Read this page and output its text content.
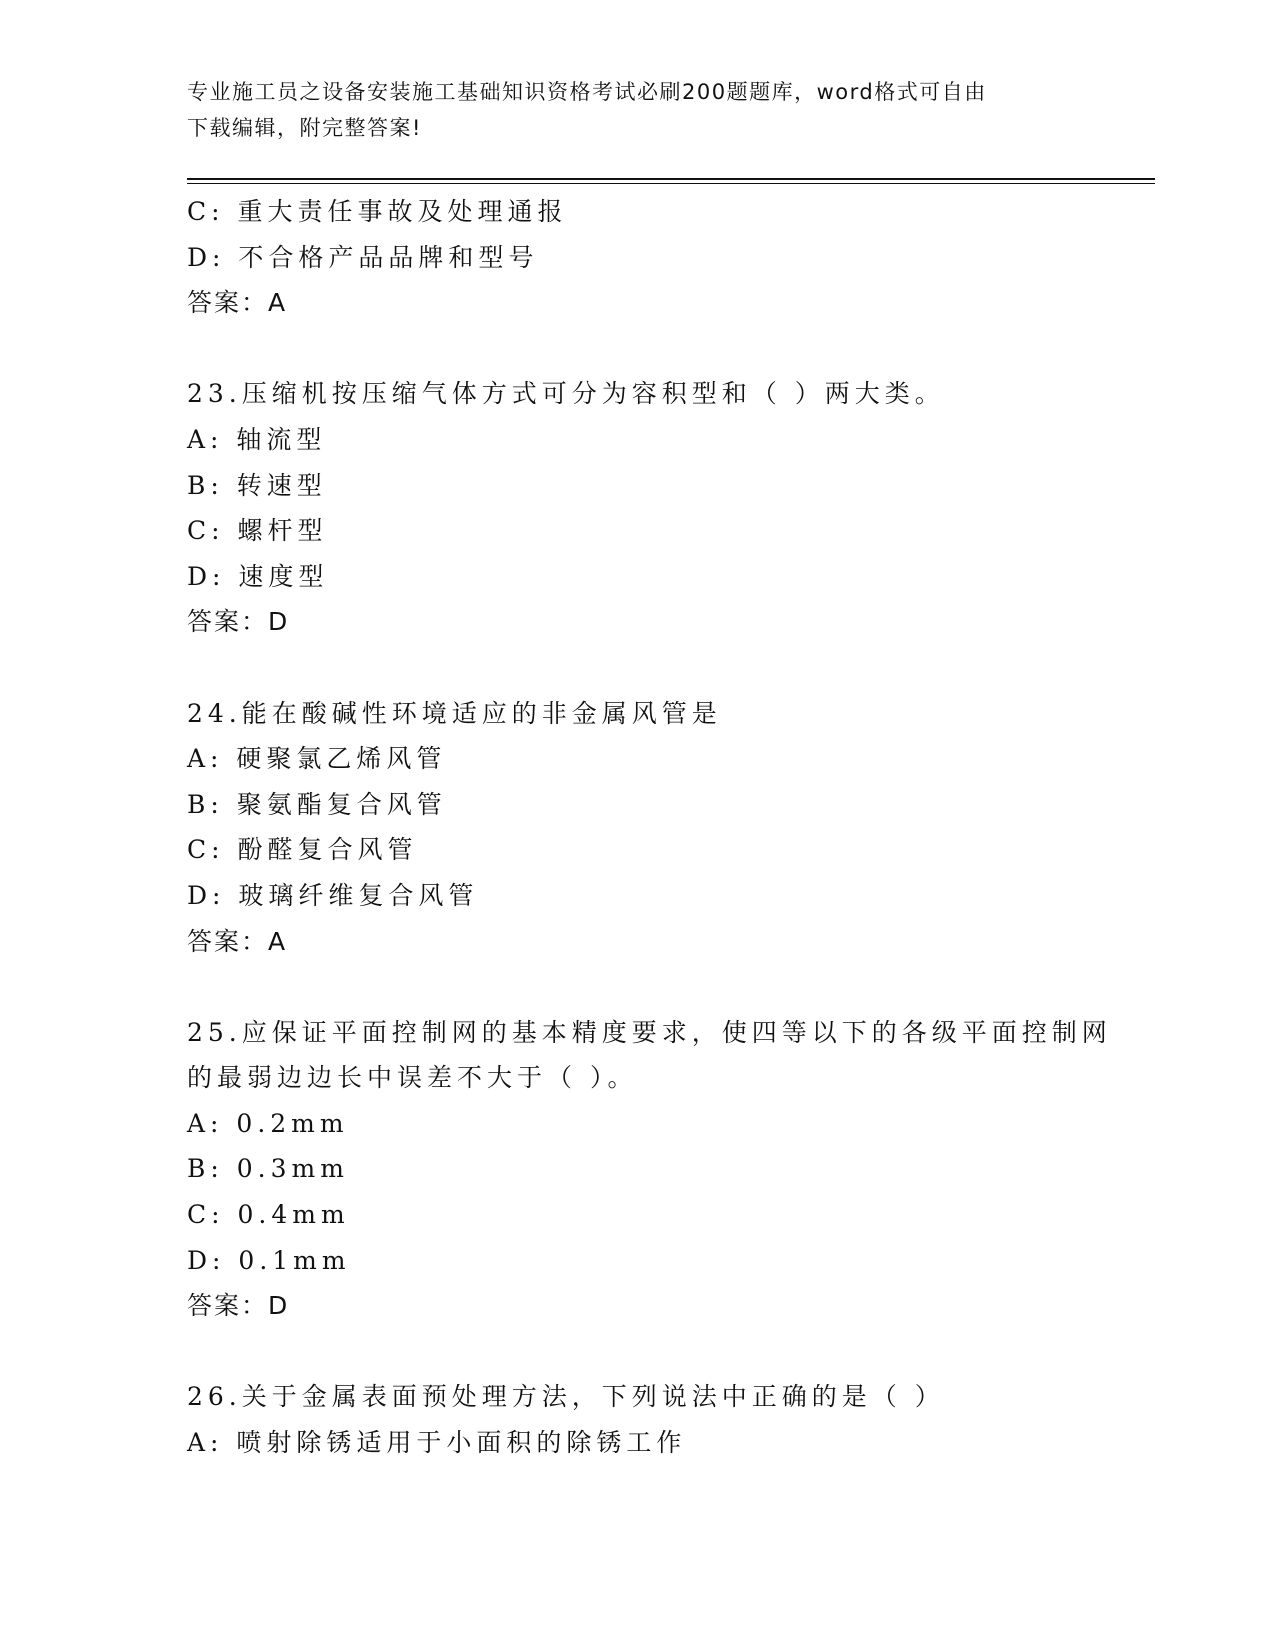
专业施工员之设备安装施工基础知识资格考试必刷200题题库，word格式可自由
下载编辑，附完整答案!
C: 重大责任事故及处理通报
D: 不合格产品品牌和型号
答案：A
23.压缩机按压缩气体方式可分为容积型和（ ）两大类。
A: 轴流型
B: 转速型
C: 螺杆型
D: 速度型
答案：D
24.能在酸碱性环境适应的非金属风管是
A: 硬聚氯乙烯风管
B: 聚氨酯复合风管
C: 酚醛复合风管
D: 玻璃纤维复合风管
答案：A
25.应保证平面控制网的基本精度要求，使四等以下的各级平面控制网
的最弱边边长中误差不大于（ ）。
A: 0.2mm
B: 0.3mm
C: 0.4mm
D: 0.1mm
答案：D
26.关于金属表面预处理方法，下列说法中正确的是（ ）
A: 喷射除锈适用于小面积的除锈工作
